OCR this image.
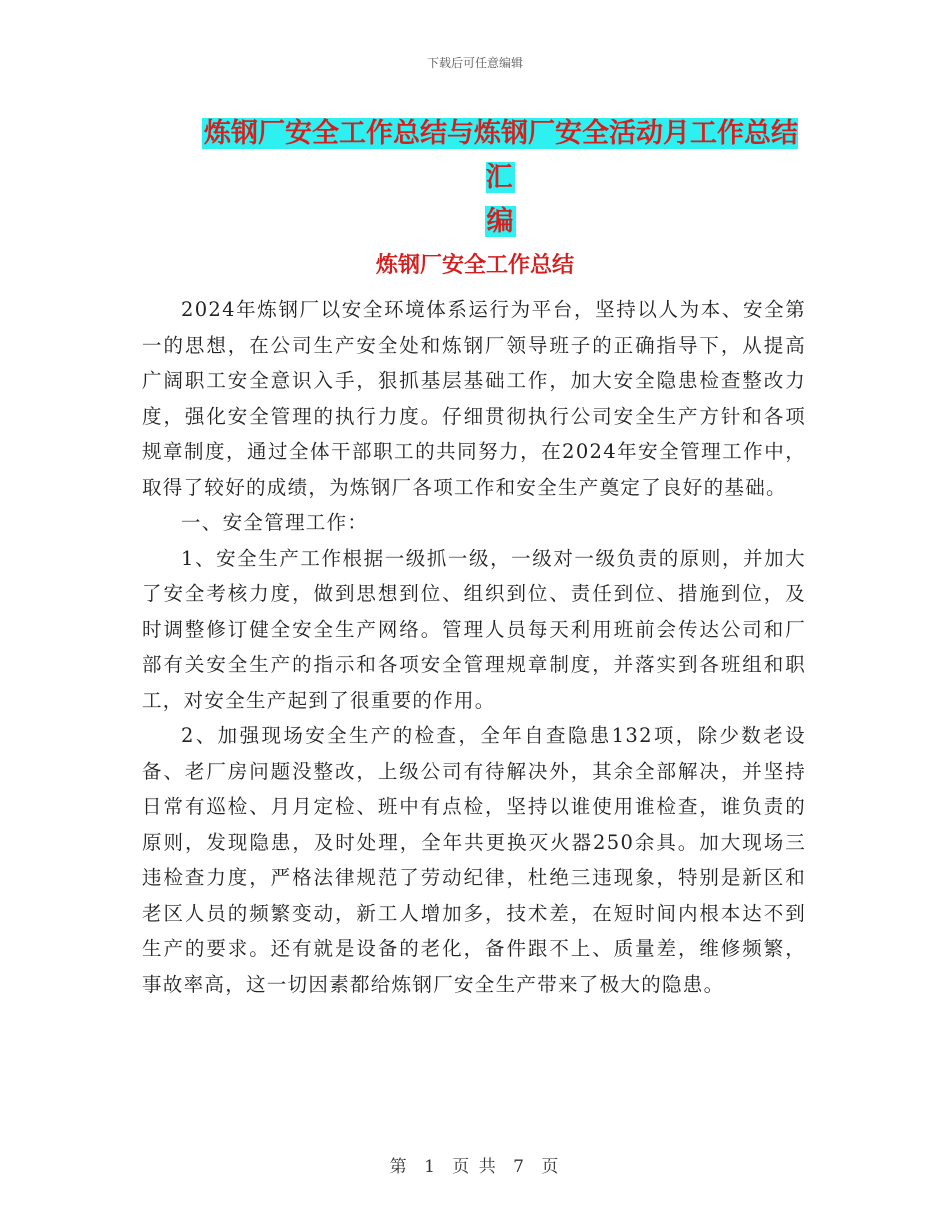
下载后可任意编辑
炼钢厂安全工作总结与炼钢厂安全活动月工作总结汇
编
炼钢厂安全工作总结

2024年炼钢厂以安全环境体系运行为平台，坚持以人为本、安全第一的思想，在公司生产安全处和炼钢厂领导班子的正确指导下，从提高广阔职工安全意识入手，狠抓基层基础工作，加大安全隐患检查整改力度，强化安全管理的执行力度。仔细贯彻执行公司安全生产方针和各项规章制度，通过全体干部职工的共同努力，在2024年安全管理工作中，取得了较好的成绩，为炼钢厂各项工作和安全生产奠定了良好的基础。

一、安全管理工作：

1、安全生产工作根据一级抓一级，一级对一级负责的原则，并加大了安全考核力度，做到思想到位、组织到位、责任到位、措施到位，及时调整修订健全安全生产网络。管理人员每天利用班前会传达公司和厂部有关安全生产的指示和各项安全管理规章制度，并落实到各班组和职工，对安全生产起到了很重要的作用。

2、加强现场安全生产的检查，全年自查隐患132项，除少数老设备、老厂房问题没整改，上级公司有待解决外，其余全部解决，并坚持日常有巡检、月月定检、班中有点检，坚持以谁使用谁检查，谁负责的原则，发现隐患，及时处理，全年共更换灭火器250余具。加大现场三违检查力度，严格法律规范了劳动纪律，杜绝三违现象，特别是新区和老区人员的频繁变动，新工人增加多，技术差，在短时间内根本达不到生产的要求。还有就是设备的老化，备件跟不上、质量差，维修频繁，事故率高，这一切因素都给炼钢厂安全生产带来了极大的隐患。

第 1 页 共 7 页
